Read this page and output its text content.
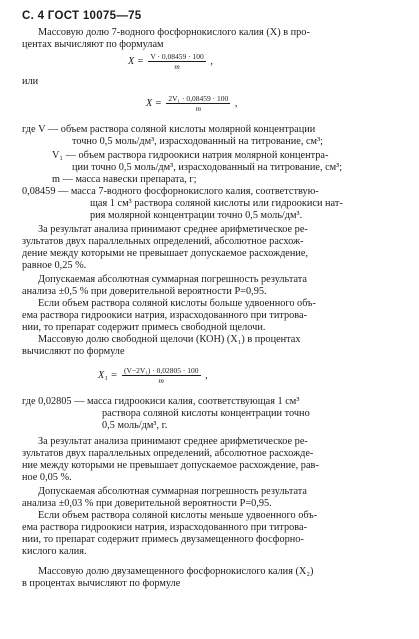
С. 4 ГОСТ 10075—75
Массовую долю 7-водного фосфорнокислого калия (X) в про-
центах вычисляют по формулам
$X = \frac{V \cdot 0,08459 \cdot 100}{m}$ ,
или
$X = \frac{\text{2V₁ · 0,08459 · 100}}{m}$ ,
где V — объем раствора соляной кислоты молярной концентрации
точно 0,5 моль/дм³, израсходованный на титрование, см³;
V₁ — объем раствора гидроокиси натрия молярной концентра-
ции точно 0,5 моль/дм³, израсходованный на титрование, см³;
m — масса навески препарата, г;
0,08459 — масса 7-водного фосфорнокислого калия, соответствую-
щая 1 см³ раствора соляной кислоты или гидроокиси нат-
рия молярной концентрации точно 0,5 моль/дм³.
За результат анализа принимают среднее арифметическое ре-
зультатов двух параллельных определений, абсолютное расхож-
дение между которыми не превышает допускаемое расхождение,
равное 0,25 %.
Допускаемая абсолютная суммарная погрешность результата
анализа ±0,5 % при доверительной вероятности P=0,95.
Если объем раствора соляной кислоты больше удвоенного объ-
ема раствора гидроокиси натрия, израсходованного при титрова-
нии, то препарат содержит примесь свободной щелочи.
Массовую долю свободной щелочи (КОН) (X₁) в процентах
вычисляют по формуле
$X_1 = \frac{\text{(V−2V₁) · 0,02805 · 100}}{m}$ ,
где 0,02805 — масса гидроокиси калия, соответствующая 1 см³
раствора соляной кислоты концентрации точно
0,5 моль/дм³, г.
За результат анализа принимают среднее арифметическое ре-
зультатов двух параллельных определений, абсолютное расхожде-
ние между которыми не превышает допускаемое расхождение, рав-
ное 0,05 %.
Допускаемая абсолютная суммарная погрешность результата
анализа ±0,03 % при доверительной вероятности P=0,95.
Если объем раствора соляной кислоты меньше удвоенного объ-
ема раствора гидроокиси натрия, израсходованного при титрова-
нии, то препарат содержит примесь двузамещенного фосфорно-
кислого калия.
Массовую долю двузамещенного фосфорнокислого калия (X₂)
в процентах вычисляют по формуле
